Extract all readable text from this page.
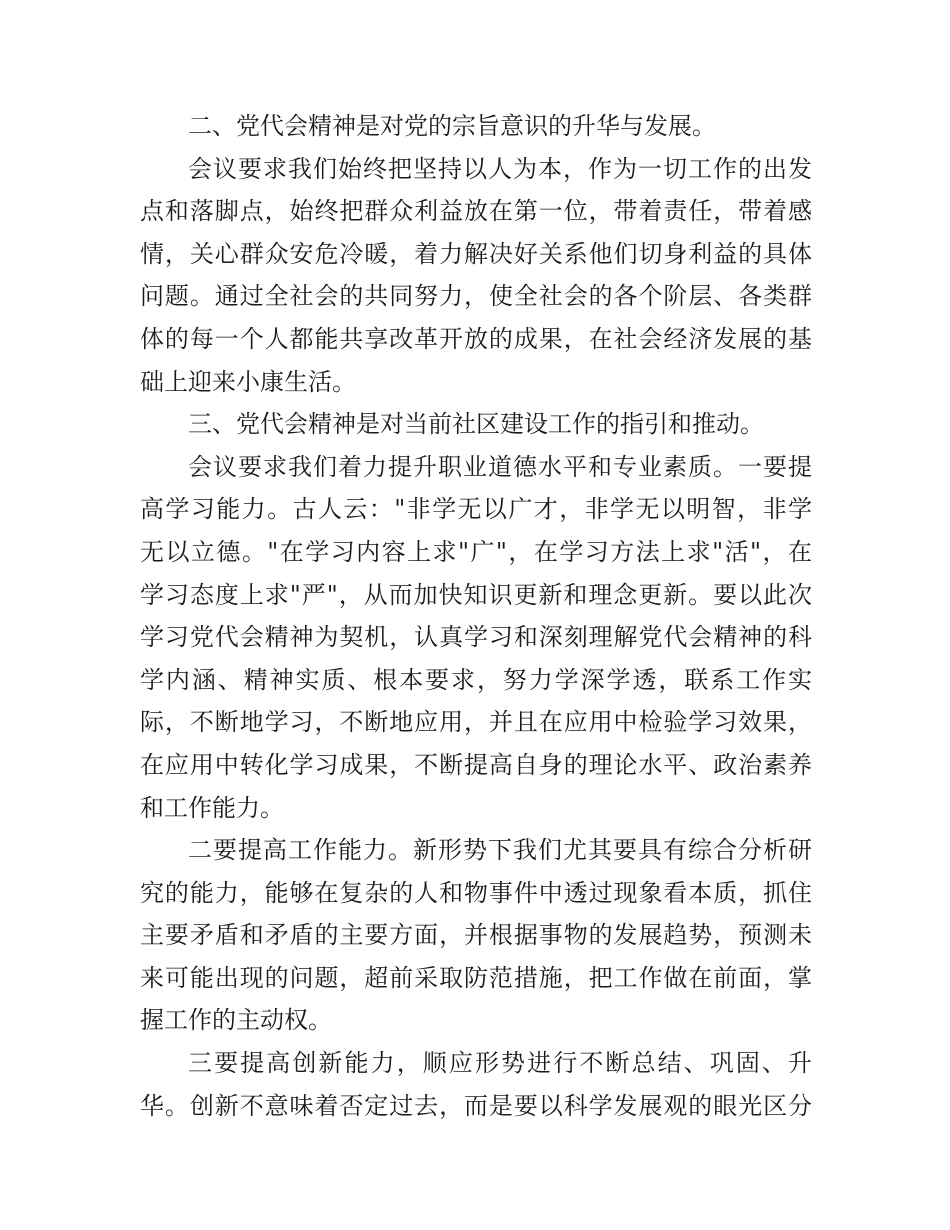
二、党代会精神是对党的宗旨意识的升华与发展。
会议要求我们始终把坚持以人为本，作为一切工作的出发
点和落脚点，始终把群众利益放在第一位，带着责任，带着感
情，关心群众安危冷暖，着力解决好关系他们切身利益的具体
问题。通过全社会的共同努力，使全社会的各个阶层、各类群
体的每一个人都能共享改革开放的成果，在社会经济发展的基
础上迎来小康生活。
三、党代会精神是对当前社区建设工作的指引和推动。
会议要求我们着力提升职业道德水平和专业素质。一要提
高学习能力。古人云："非学无以广才，非学无以明智，非学
无以立德。"在学习内容上求"广"，在学习方法上求"活"，在
学习态度上求"严"，从而加快知识更新和理念更新。要以此次
学习党代会精神为契机，认真学习和深刻理解党代会精神的科
学内涵、精神实质、根本要求，努力学深学透，联系工作实
际，不断地学习，不断地应用，并且在应用中检验学习效果，
在应用中转化学习成果，不断提高自身的理论水平、政治素养
和工作能力。
二要提高工作能力。新形势下我们尤其要具有综合分析研
究的能力，能够在复杂的人和物事件中透过现象看本质，抓住
主要矛盾和矛盾的主要方面，并根据事物的发展趋势，预测未
来可能出现的问题，超前采取防范措施，把工作做在前面，掌
握工作的主动权。
三要提高创新能力，顺应形势进行不断总结、巩固、升
华。创新不意味着否定过去，而是要以科学发展观的眼光区分
